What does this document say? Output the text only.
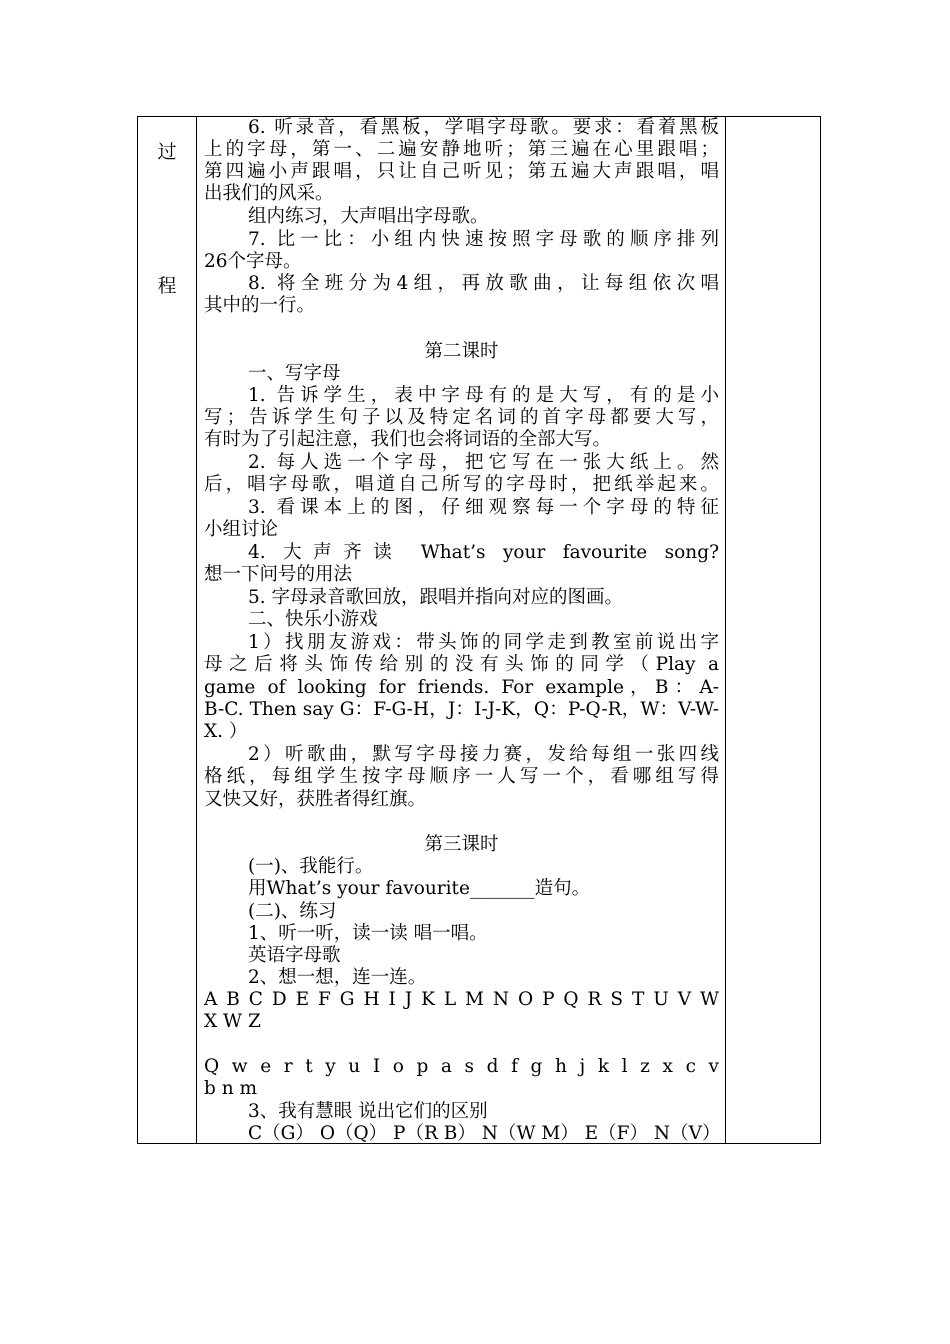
过
程
6. 听录音，看黑板，学唱字母歌。要求：看着黑板
上的字母，第一、二遍安静地听；第三遍在心里跟唱；
第四遍小声跟唱，只让自己听见；第五遍大声跟唱，唱
出我们的风采。
组内练习，大声唱出字母歌。
7. 比一比：小组内快速按照字母歌的顺序排列
26个字母。
8. 将全班分为4组，再放歌曲，让每组依次唱
其中的一行。
第二课时
一、写字母
1. 告诉学生，表中字母有的是大写，有的是小
写；告诉学生句子以及特定名词的首字母都要大写，
有时为了引起注意，我们也会将词语的全部大写。
2. 每人选一个字母，把它写在一张大纸上。然
后，唱字母歌，唱道自己所写的字母时，把纸举起来。
3. 看课本上的图，仔细观察每一个字母的特征
小组讨论
4. 大声齐读 What’s your favourite song?
想一下问号的用法
5. 字母录音歌回放，跟唱并指向对应的图画。
二、快乐小游戏
1）找朋友游戏：带头饰的同学走到教室前说出字
母之后将头饰传给别的没有头饰的同学（Play a
game of looking for friends. For example，B：A-
B-C. Then say G：F-G-H，J：I-J-K，Q：P-Q-R，W：V-W-
X. ）
2）听歌曲，默写字母接力赛，发给每组一张四线
格纸，每组学生按字母顺序一人写一个，看哪组写得
又快又好，获胜者得红旗。
第三课时
(一)、我能行。
用What’s your favourite_______造句。
(二)、练习
1、听一听，读一读 唱一唱。
英语字母歌
2、想一想，连一连。
A B C D E F G H I J K L M N O P Q R S T U V W
X W Z
Q w e r t y u I o p a s d f g h j k l z x c v
b n m
3、我有慧眼 说出它们的区别
C（G） O（Q） P（R B） N（W M） E（F） N（V）
